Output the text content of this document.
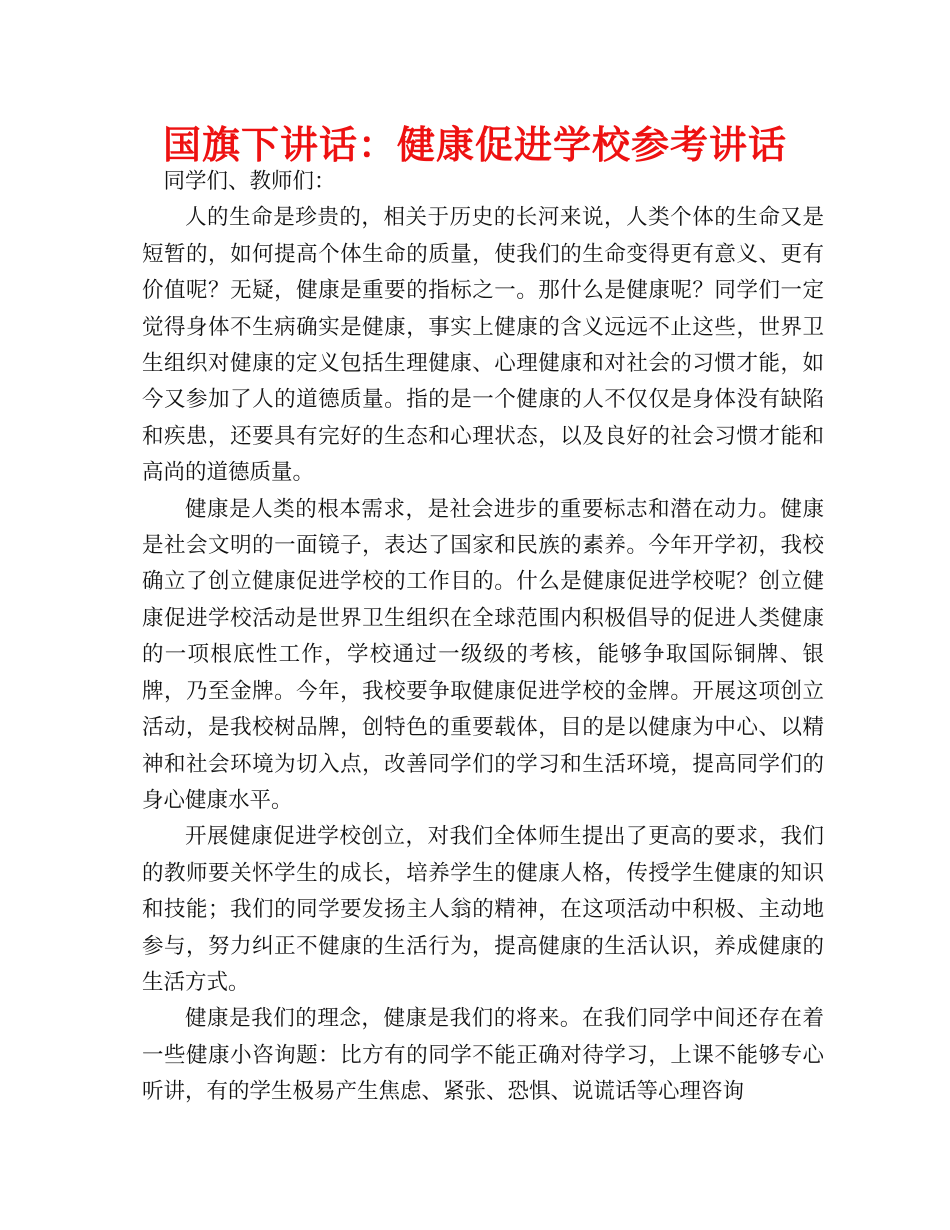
国旗下讲话：健康促进学校参考讲话

同学们、教师们：

人的生命是珍贵的，相关于历史的长河来说，人类个体的生命又是短暂的，如何提高个体生命的质量，使我们的生命变得更有意义、更有价值呢？无疑，健康是重要的指标之一。那什么是健康呢？同学们一定觉得身体不生病确实是健康，事实上健康的含义远远不止这些，世界卫生组织对健康的定义包括生理健康、心理健康和对社会的习惯才能，如今又参加了人的道德质量。指的是一个健康的人不仅仅是身体没有缺陷和疾患，还要具有完好的生态和心理状态，以及良好的社会习惯才能和高尚的道德质量。

健康是人类的根本需求，是社会进步的重要标志和潜在动力。健康是社会文明的一面镜子，表达了国家和民族的素养。今年开学初，我校确立了创立健康促进学校的工作目的。什么是健康促进学校呢？创立健康促进学校活动是世界卫生组织在全球范围内积极倡导的促进人类健康的一项根底性工作，学校通过一级级的考核，能够争取国际铜牌、银牌，乃至金牌。今年，我校要争取健康促进学校的金牌。开展这项创立活动，是我校树品牌，创特色的重要载体，目的是以健康为中心、以精神和社会环境为切入点，改善同学们的学习和生活环境，提高同学们的身心健康水平。

开展健康促进学校创立，对我们全体师生提出了更高的要求，我们的教师要关怀学生的成长，培养学生的健康人格，传授学生健康的知识和技能；我们的同学要发扬主人翁的精神，在这项活动中积极、主动地参与，努力纠正不健康的生活行为，提高健康的生活认识，养成健康的生活方式。

健康是我们的理念，健康是我们的将来。在我们同学中间还存在着一些健康小咨询题：比方有的同学不能正确对待学习，上课不能够专心听讲，有的学生极易产生焦虑、紧张、恐惧、说谎话等心理咨询
